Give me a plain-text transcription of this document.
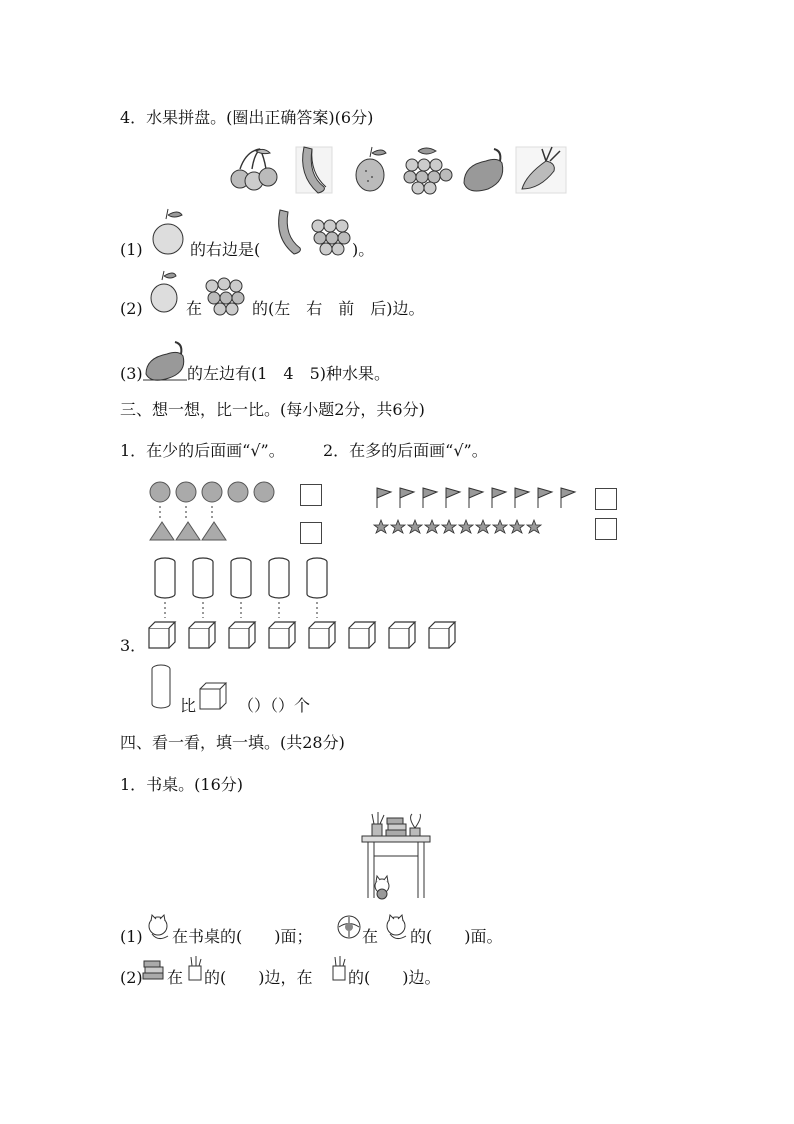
4．水果拼盘。(圈出正确答案)(6分)
(1)	的右边是(	)。
(2)	在	的(左　右　前　后)边。
(3)	的左边有(1　4　5)种水果。
三、想一想，比一比。(每小题2分，共6分)
1．在少的后面画“√”。 2．在多的后面画“√”。
3．
比	（）（）个
四、看一看，填一填。(共28分)
1．书桌。(16分)
(1) 在书桌的(　　)面；	在 的(　　)面。
(2) 在 的(　　)边，在 的(　　)边。
